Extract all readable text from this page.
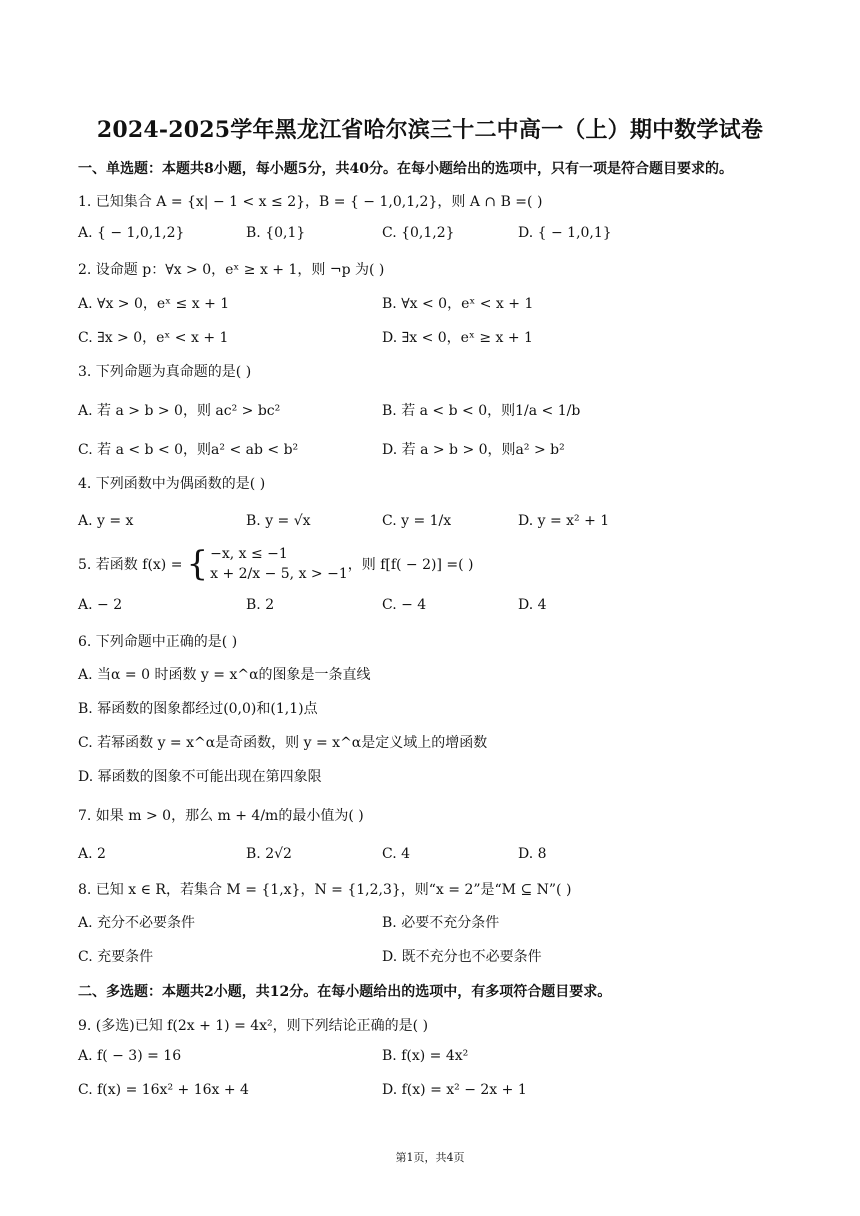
2024-2025学年黑龙江省哈尔滨三十二中高一（上）期中数学试卷
一、单选题：本题共8小题，每小题5分，共40分。在每小题给出的选项中，只有一项是符合题目要求的。
1. 已知集合 A = {x| − 1 < x ≤ 2}，B = { − 1,0,1,2}，则 A ∩ B =( )
A. { − 1,0,1,2}	B. {0,1}	C. {0,1,2}	D. { − 1,0,1}
2. 设命题 p：∀x > 0，eˣ ≥ x + 1，则 ¬p 为( )
A. ∀x > 0，eˣ ≤ x + 1	B. ∀x < 0，eˣ < x + 1
C. ∃x > 0，eˣ < x + 1	D. ∃x < 0，eˣ ≥ x + 1
3. 下列命题为真命题的是( )
A. 若 a > b > 0，则 ac² > bc²	B. 若 a < b < 0，则1/a < 1/b
C. 若 a < b < 0，则a² < ab < b²	D. 若 a > b > 0，则a² > b²
4. 下列函数中为偶函数的是( )
A. y = x	B. y = √x	C. y = 1/x	D. y = x² + 1
5. 若函数 f(x) = { −x, x ≤ −1
x + 2/x − 5, x > −1
，则 f[f( − 2)] =( )
A. − 2	B. 2	C. − 4	D. 4
6. 下列命题中正确的是( )
A. 当α = 0 时函数 y = x^α的图象是一条直线
B. 幂函数的图象都经过(0,0)和(1,1)点
C. 若幂函数 y = x^α是奇函数，则 y = x^α是定义域上的增函数
D. 幂函数的图象不可能出现在第四象限
7. 如果 m > 0，那么 m + 4/m的最小值为( )
A. 2	B. 2√2	C. 4	D. 8
8. 已知 x ∈ R，若集合 M = {1,x}，N = {1,2,3}，则“x = 2”是“M ⊆ N”( )
A. 充分不必要条件	B. 必要不充分条件
C. 充要条件	D. 既不充分也不必要条件
二、多选题：本题共2小题，共12分。在每小题给出的选项中，有多项符合题目要求。
9. (多选)已知 f(2x + 1) = 4x²，则下列结论正确的是( )
A. f( − 3) = 16	B. f(x) = 4x²
C. f(x) = 16x² + 16x + 4	D. f(x) = x² − 2x + 1
第1页，共4页
